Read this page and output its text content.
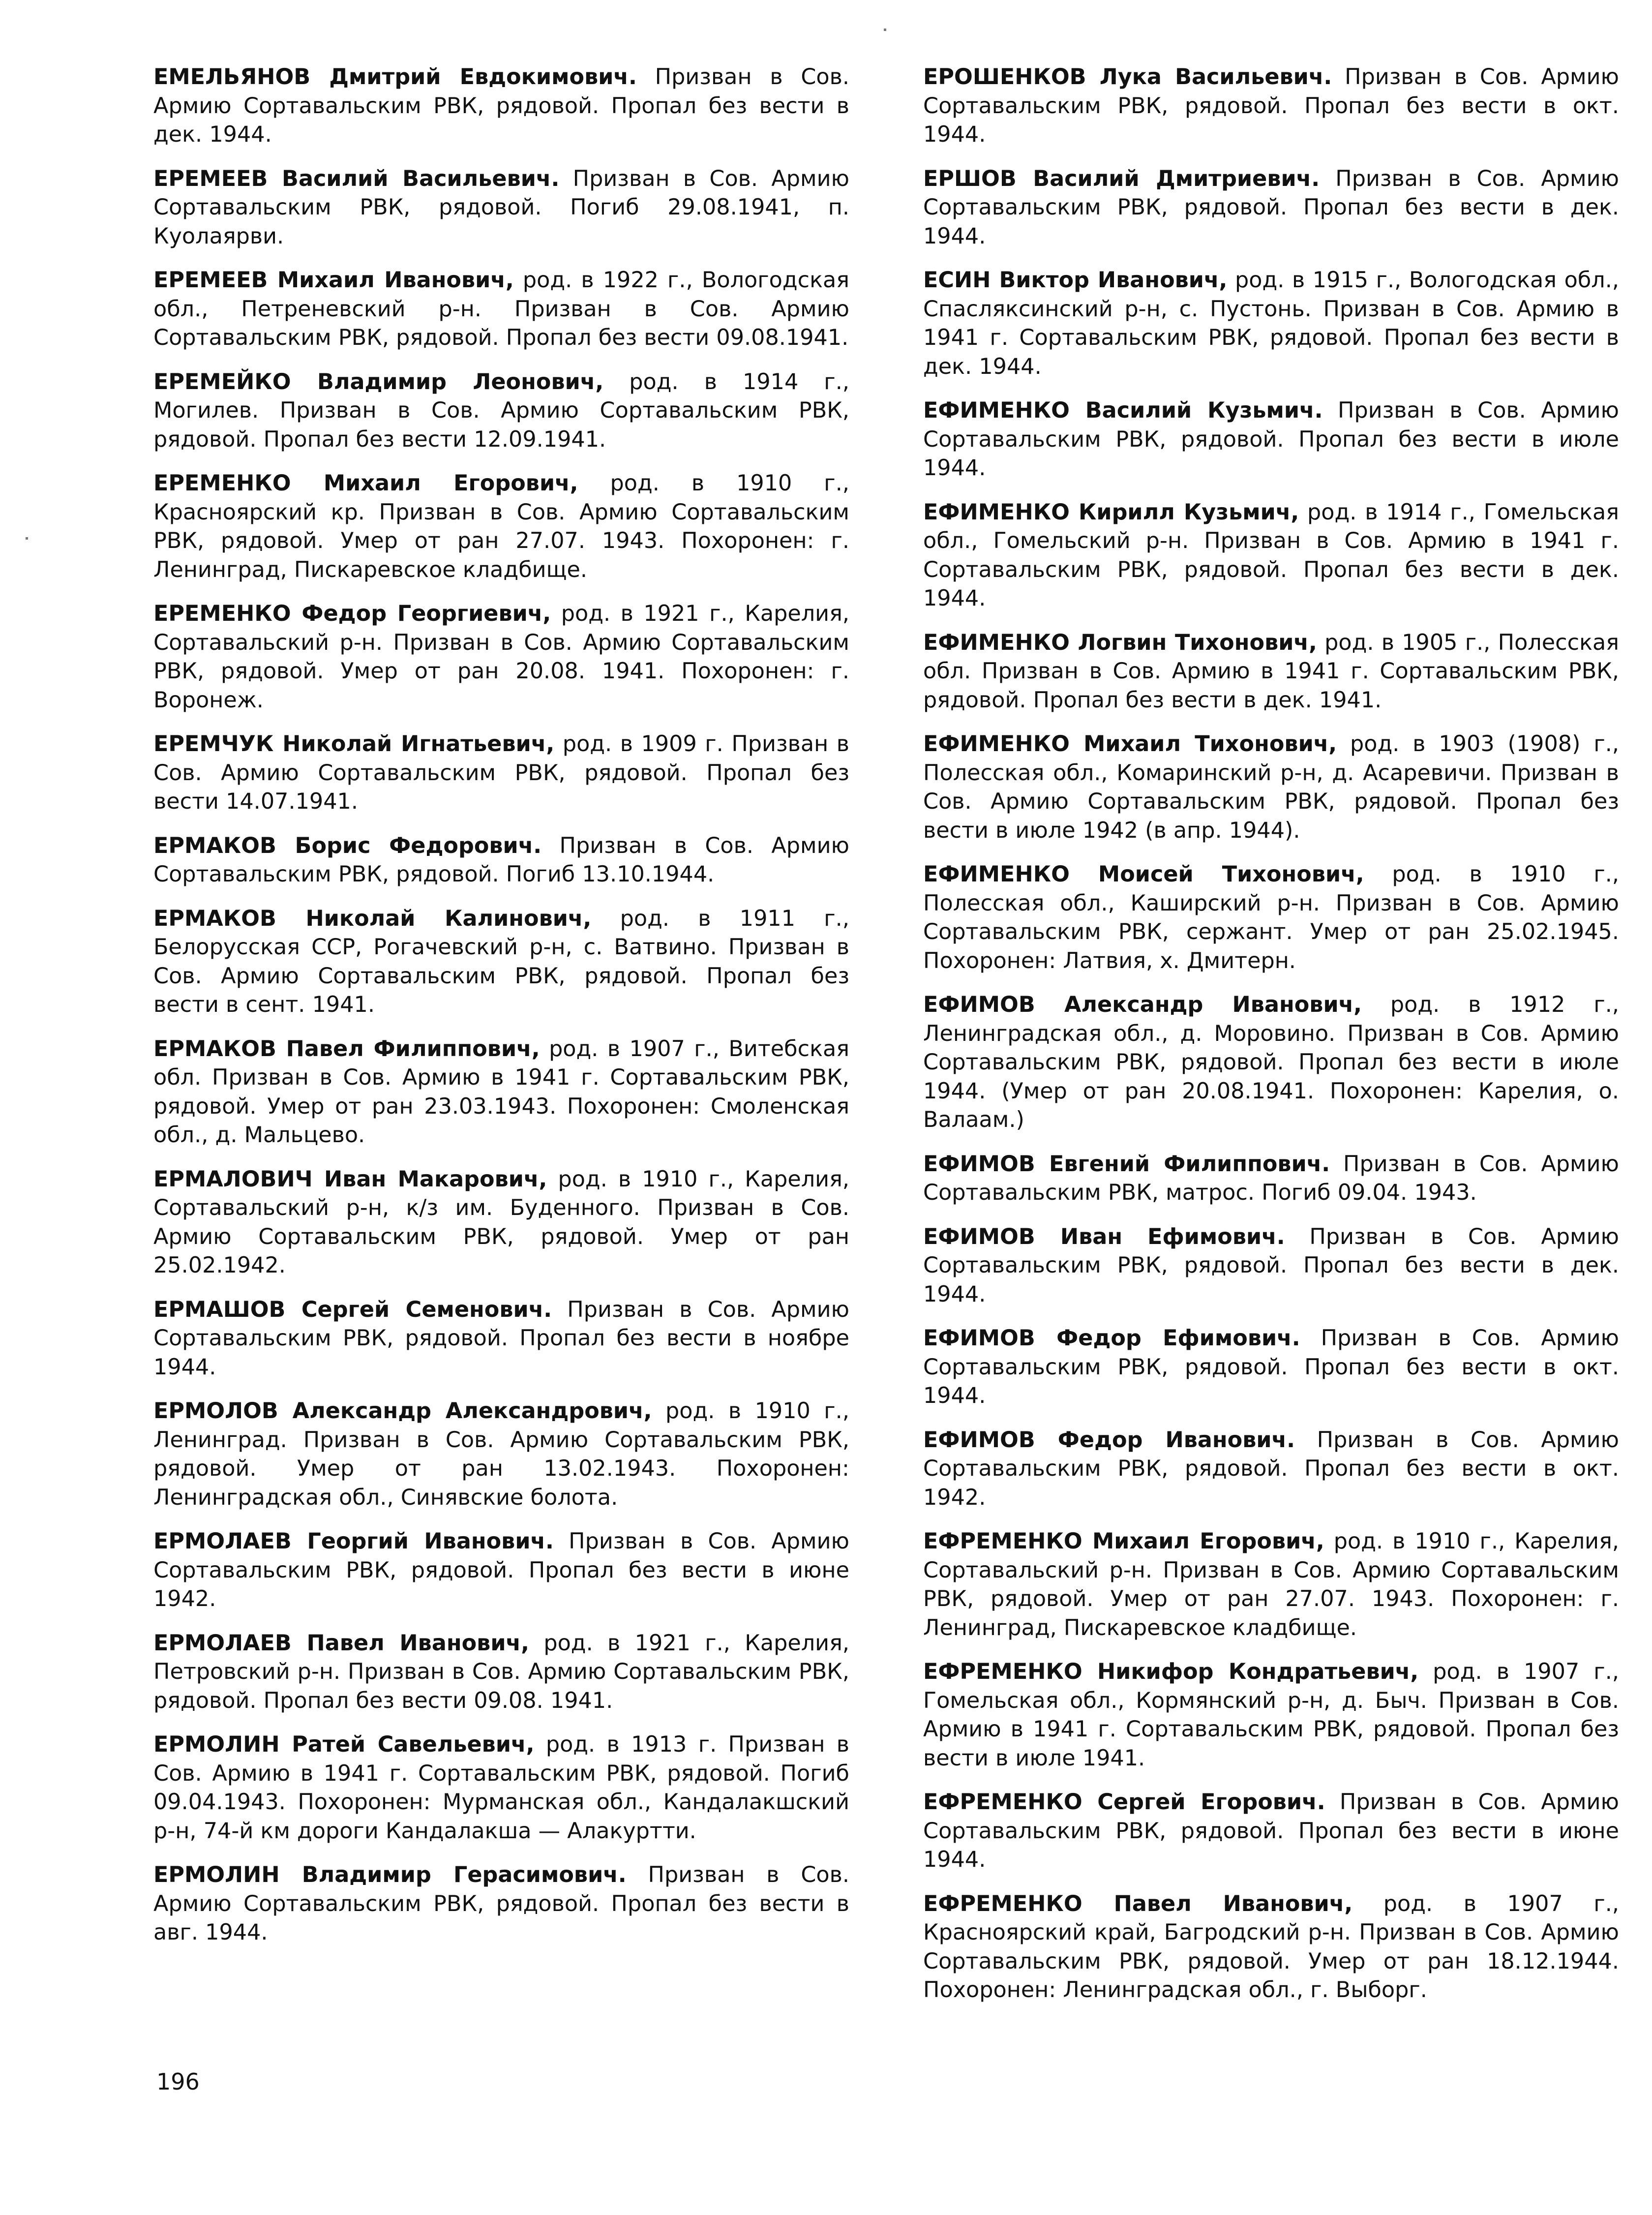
ЕМЕЛЬЯНОВ Дмитрий Евдокимович. Призван в Сов. Армию Сортавальским РВК, рядовой. Пропал без вести в дек. 1944.

ЕРЕМЕЕВ Василий Васильевич. Призван в Сов. Армию Сортавальским РВК, рядовой. Погиб 29.08.1941, п. Куолаярви.

ЕРЕМЕЕВ Михаил Иванович, род. в 1922 г., Вологодская обл., Петреневский р-н. Призван в Сов. Армию Сортавальским РВК, рядовой. Пропал без вести 09.08.1941.

ЕРЕМЕЙКО Владимир Леонович, род. в 1914 г., Могилев. Призван в Сов. Армию Сортавальским РВК, рядовой. Пропал без вести 12.09.1941.

ЕРЕМЕНКО Михаил Егорович, род. в 1910 г., Красноярский кр. Призван в Сов. Армию Сортавальским РВК, рядовой. Умер от ран 27.07. 1943. Похоронен: г. Ленинград, Пискаревское кладбище.

ЕРЕМЕНКО Федор Георгиевич, род. в 1921 г., Карелия, Сортавальский р-н. Призван в Сов. Армию Сортавальским РВК, рядовой. Умер от ран 20.08. 1941. Похоронен: г. Воронеж.

ЕРЕМЧУК Николай Игнатьевич, род. в 1909 г. Призван в Сов. Армию Сортавальским РВК, рядовой. Пропал без вести 14.07.1941.

ЕРМАКОВ Борис Федорович. Призван в Сов. Армию Сортавальским РВК, рядовой. Погиб 13.10.1944.

ЕРМАКОВ Николай Калинович, род. в 1911 г., Белорусская ССР, Рогачевский р-н, с. Ватвино. Призван в Сов. Армию Сортавальским РВК, рядовой. Пропал без вести в сент. 1941.

ЕРМАКОВ Павел Филиппович, род. в 1907 г., Витебская обл. Призван в Сов. Армию в 1941 г. Сортавальским РВК, рядовой. Умер от ран 23.03.1943. Похоронен: Смоленская обл., д. Мальцево.

ЕРМАЛОВИЧ Иван Макарович, род. в 1910 г., Карелия, Сортавальский р-н, к/з им. Буденного. Призван в Сов. Армию Сортавальским РВК, рядовой. Умер от ран 25.02.1942.

ЕРМАШОВ Сергей Семенович. Призван в Сов. Армию Сортавальским РВК, рядовой. Пропал без вести в ноябре 1944.

ЕРМОЛОВ Александр Александрович, род. в 1910 г., Ленинград. Призван в Сов. Армию Сортавальским РВК, рядовой. Умер от ран 13.02.1943. Похоронен: Ленинградская обл., Синявские болота.

ЕРМОЛАЕВ Георгий Иванович. Призван в Сов. Армию Сортавальским РВК, рядовой. Пропал без вести в июне 1942.

ЕРМОЛАЕВ Павел Иванович, род. в 1921 г., Карелия, Петровский р-н. Призван в Сов. Армию Сортавальским РВК, рядовой. Пропал без вести 09.08. 1941.

ЕРМОЛИН Ратей Савельевич, род. в 1913 г. Призван в Сов. Армию в 1941 г. Сортавальским РВК, рядовой. Погиб 09.04.1943. Похоронен: Мурманская обл., Кандалакшский р-н, 74-й км дороги Кандалакша — Алакуртти.

ЕРМОЛИН Владимир Герасимович. Призван в Сов. Армию Сортавальским РВК, рядовой. Пропал без вести в авг. 1944.

ЕРОШЕНКОВ Лука Васильевич. Призван в Сов. Армию Сортавальским РВК, рядовой. Пропал без вести в окт. 1944.

ЕРШОВ Василий Дмитриевич. Призван в Сов. Армию Сортавальским РВК, рядовой. Пропал без вести в дек. 1944.

ЕСИН Виктор Иванович, род. в 1915 г., Вологодская обл., Спасляксинский р-н, с. Пустонь. Призван в Сов. Армию в 1941 г. Сортавальским РВК, рядовой. Пропал без вести в дек. 1944.

ЕФИМЕНКО Василий Кузьмич. Призван в Сов. Армию Сортавальским РВК, рядовой. Пропал без вести в июле 1944.

ЕФИМЕНКО Кирилл Кузьмич, род. в 1914 г., Гомельская обл., Гомельский р-н. Призван в Сов. Армию в 1941 г. Сортавальским РВК, рядовой. Пропал без вести в дек. 1944.

ЕФИМЕНКО Логвин Тихонович, род. в 1905 г., Полесская обл. Призван в Сов. Армию в 1941 г. Сортавальским РВК, рядовой. Пропал без вести в дек. 1941.

ЕФИМЕНКО Михаил Тихонович, род. в 1903 (1908) г., Полесская обл., Комаринский р-н, д. Асаревичи. Призван в Сов. Армию Сортавальским РВК, рядовой. Пропал без вести в июле 1942 (в апр. 1944).

ЕФИМЕНКО Моисей Тихонович, род. в 1910 г., Полесская обл., Каширский р-н. Призван в Сов. Армию Сортавальским РВК, сержант. Умер от ран 25.02.1945. Похоронен: Латвия, х. Дмитерн.

ЕФИМОВ Александр Иванович, род. в 1912 г., Ленинградская обл., д. Моровино. Призван в Сов. Армию Сортавальским РВК, рядовой. Пропал без вести в июле 1944. (Умер от ран 20.08.1941. Похоронен: Карелия, о. Валаам.)

ЕФИМОВ Евгений Филиппович. Призван в Сов. Армию Сортавальским РВК, матрос. Погиб 09.04. 1943.

ЕФИМОВ Иван Ефимович. Призван в Сов. Армию Сортавальским РВК, рядовой. Пропал без вести в дек. 1944.

ЕФИМОВ Федор Ефимович. Призван в Сов. Армию Сортавальским РВК, рядовой. Пропал без вести в окт. 1944.

ЕФИМОВ Федор Иванович. Призван в Сов. Армию Сортавальским РВК, рядовой. Пропал без вести в окт. 1942.

ЕФРЕМЕНКО Михаил Егорович, род. в 1910 г., Карелия, Сортавальский р-н. Призван в Сов. Армию Сортавальским РВК, рядовой. Умер от ран 27.07. 1943. Похоронен: г. Ленинград, Пискаревское кладбище.

ЕФРЕМЕНКО Никифор Кондратьевич, род. в 1907 г., Гомельская обл., Кормянский р-н, д. Быч. Призван в Сов. Армию в 1941 г. Сортавальским РВК, рядовой. Пропал без вести в июле 1941.

ЕФРЕМЕНКО Сергей Егорович. Призван в Сов. Армию Сортавальским РВК, рядовой. Пропал без вести в июне 1944.

ЕФРЕМЕНКО Павел Иванович, род. в 1907 г., Красноярский край, Багродский р-н. Призван в Сов. Армию Сортавальским РВК, рядовой. Умер от ран 18.12.1944. Похоронен: Ленинградская обл., г. Выборг.

196
